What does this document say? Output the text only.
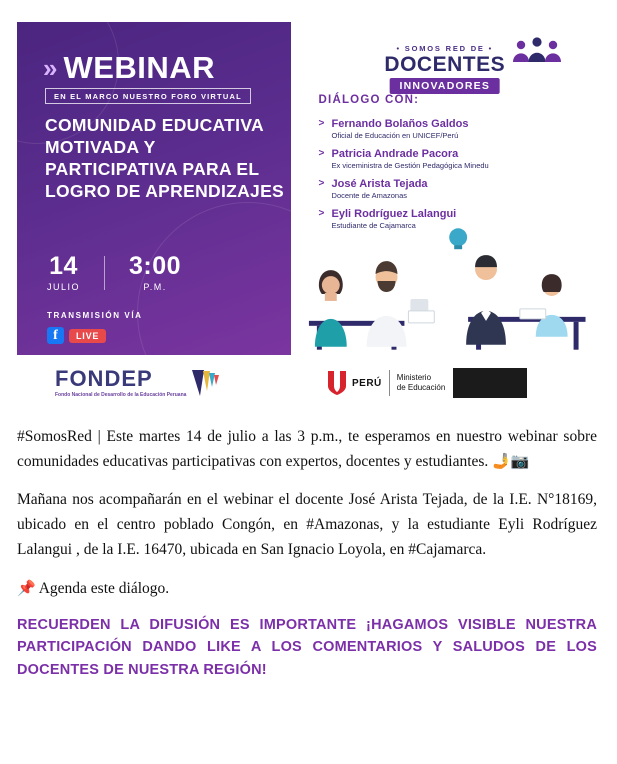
» WEBINAR
EN EL MARCO NUESTRO FORO VIRTUAL
COMUNIDAD EDUCATIVA MOTIVADA Y PARTICIPATIVA PARA EL LOGRO DE APRENDIZAJES
14
JULIO
3:00
P.M.
TRANSMISIÓN VÍA
f	LIVE
• SOMOS RED DE •
DOCENTES
INNOVADORES
DIÁLOGO CON:
> Fernando Bolaños Galdos
Oficial de Educación en UNICEF/Perú
> Patricia Andrade Pacora
Ex viceministra de Gestión Pedagógica Minedu
> José Arista Tejada
Docente de Amazonas
> Eyli Rodríguez Lalangui
Estudiante de Cajamarca
FONDEP
Fondo Nacional de Desarrollo de la Educación Peruana
PERÚ	Ministerio
de Educación

#SomosRed | Este martes 14 de julio a las 3 p.m., te esperamos en nuestro webinar sobre comunidades educativas participativas con expertos, docentes y estudiantes. 🤳📷

Mañana nos acompañarán en el webinar el docente José Arista Tejada, de la I.E. N°18169, ubicado en el centro poblado Congón, en #Amazonas, y la estudiante Eyli Rodríguez Lalangui , de la I.E. 16470, ubicada en San Ignacio Loyola, en #Cajamarca.

📌 Agenda este diálogo.

RECUERDEN LA DIFUSIÓN ES IMPORTANTE ¡HAGAMOS VISIBLE NUESTRA PARTICIPACIÓN DANDO LIKE A LOS COMENTARIOS Y SALUDOS DE LOS DOCENTES DE NUESTRA REGIÓN!
